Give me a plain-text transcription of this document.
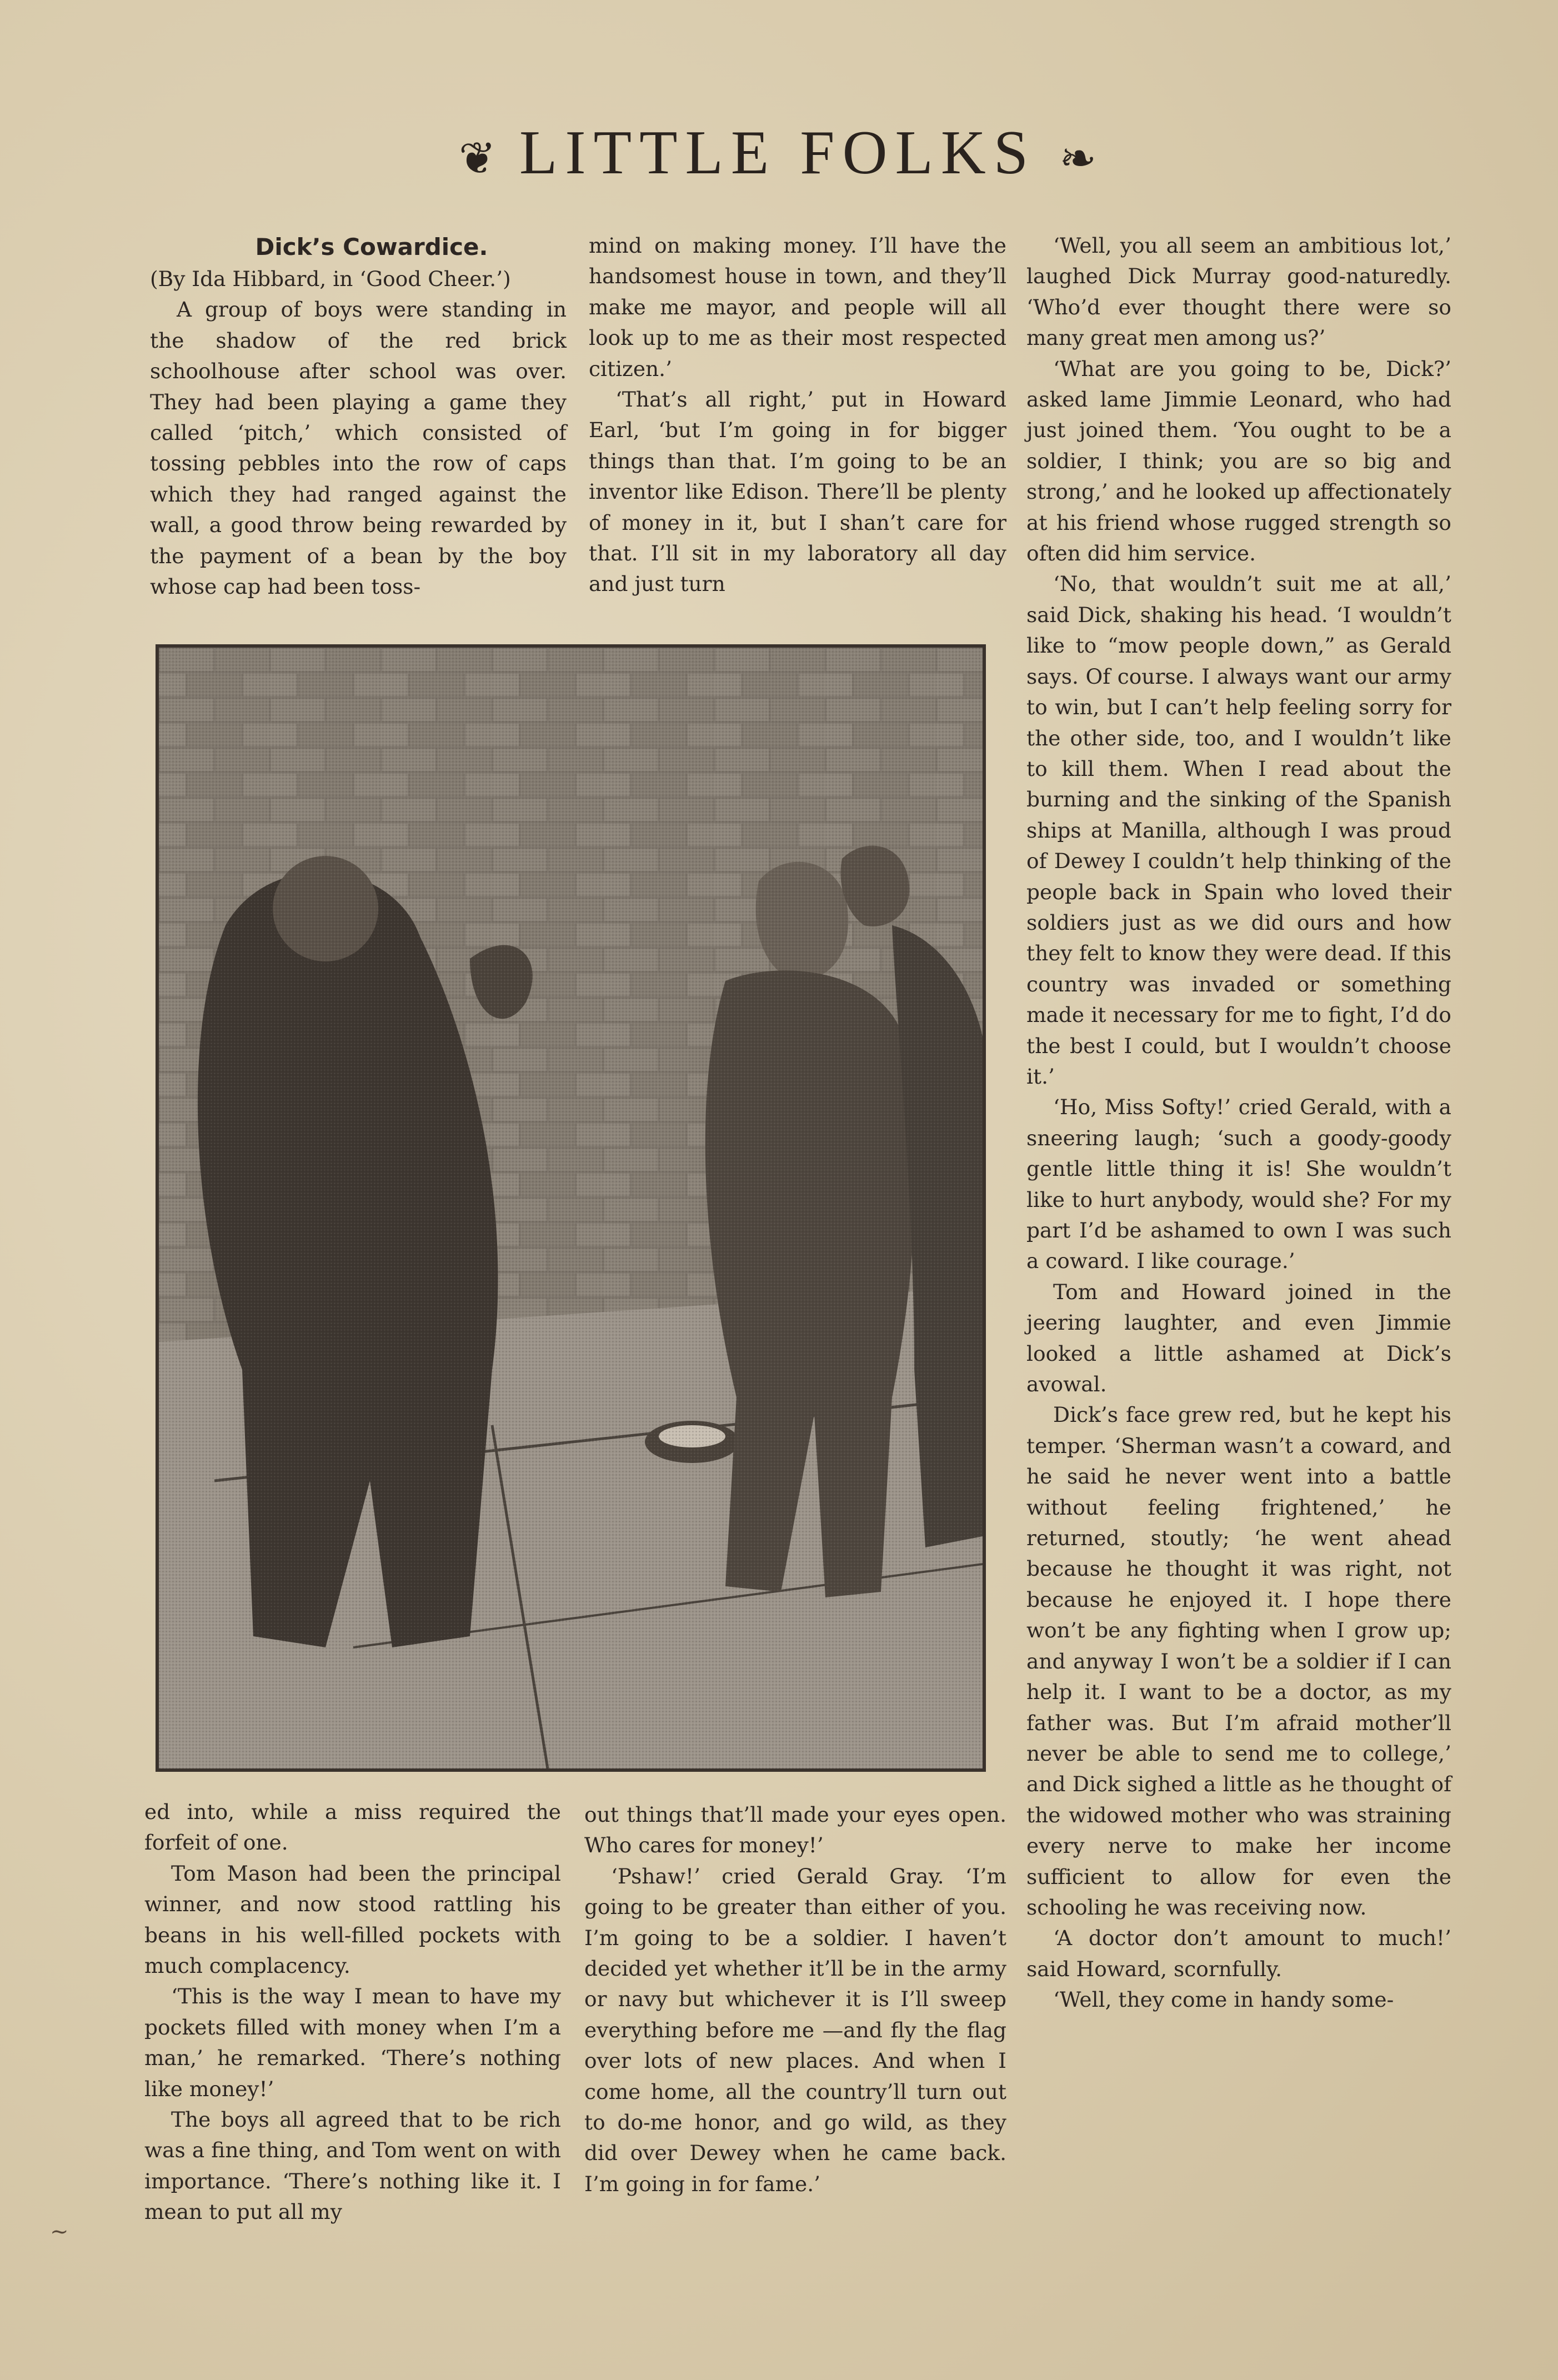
❦ LITTLE FOLKS ❧

Dick’s Cowardice.

(By Ida Hibbard, in ‘Good Cheer.’)

A group of boys were standing in the shadow of the red brick schoolhouse after school was over. They had been playing a game they called ‘pitch,’ which consisted of tossing pebbles into the row of caps which they had ranged against the wall, a good throw being rewarded by the payment of a bean by the boy whose cap had been toss-

mind on making money. I’ll have the handsomest house in town, and they’ll make me mayor, and people will all look up to me as their most respected citizen.’

‘That’s all right,’ put in Howard Earl, ‘but I’m going in for bigger things than that. I’m going to be an inventor like Edison. There’ll be plenty of money in it, but I shan’t care for that. I’ll sit in my laboratory all day and just turn

‘Well, you all seem an ambitious lot,’ laughed Dick Murray good-naturedly. ‘Who’d ever thought there were so many great men among us?’

‘What are you going to be, Dick?’ asked lame Jimmie Leonard, who had just joined them. ‘You ought to be a soldier, I think; you are so big and strong,’ and he looked up affectionately at his friend whose rugged strength so often did him service.

‘No, that wouldn’t suit me at all,’ said Dick, shaking his head. ‘I wouldn’t like to “mow people down,” as Gerald says. Of course. I always want our army to win, but I can’t help feeling sorry for the other side, too, and I wouldn’t like to kill them. When I read about the burning and the sinking of the Spanish ships at Manilla, although I was proud of Dewey I couldn’t help thinking of the people back in Spain who loved their soldiers just as we did ours and how they felt to know they were dead. If this country was invaded or something made it necessary for me to fight, I’d do the best I could, but I wouldn’t choose it.’

‘Ho, Miss Softy!’ cried Gerald, with a sneering laugh; ‘such a goody-goody gentle little thing it is! She wouldn’t like to hurt anybody, would she? For my part I’d be ashamed to own I was such a coward. I like courage.’

Tom and Howard joined in the jeering laughter, and even Jimmie looked a little ashamed at Dick’s avowal.

Dick’s face grew red, but he kept his temper. ‘Sherman wasn’t a coward, and he said he never went into a battle without feeling frightened,’ he returned, stoutly; ‘he went ahead because he thought it was right, not because he enjoyed it. I hope there won’t be any fighting when I grow up; and anyway I won’t be a soldier if I can help it. I want to be a doctor, as my father was. But I’m afraid mother’ll never be able to send me to college,’ and Dick sighed a little as he thought of the widowed mother who was straining every nerve to make her income sufficient to allow for even the schooling he was receiving now.

‘A doctor don’t amount to much!’ said Howard, scornfully.

‘Well, they come in handy some-

ed into, while a miss required the forfeit of one.

Tom Mason had been the principal winner, and now stood rattling his beans in his well-filled pockets with much complacency.

‘This is the way I mean to have my pockets filled with money when I’m a man,’ he remarked. ‘There’s nothing like money!’

The boys all agreed that to be rich was a fine thing, and Tom went on with importance. ‘There’s nothing like it. I mean to put all my

out things that’ll made your eyes open. Who cares for money!’

‘Pshaw!’ cried Gerald Gray. ‘I’m going to be greater than either of you. I’m going to be a soldier. I haven’t decided yet whether it’ll be in the army or navy but whichever it is I’ll sweep everything before me —and fly the flag over lots of new places. And when I come home, all the country’ll turn out to do-me honor, and go wild, as they did over Dewey when he came back. I’m going in for fame.’

~
